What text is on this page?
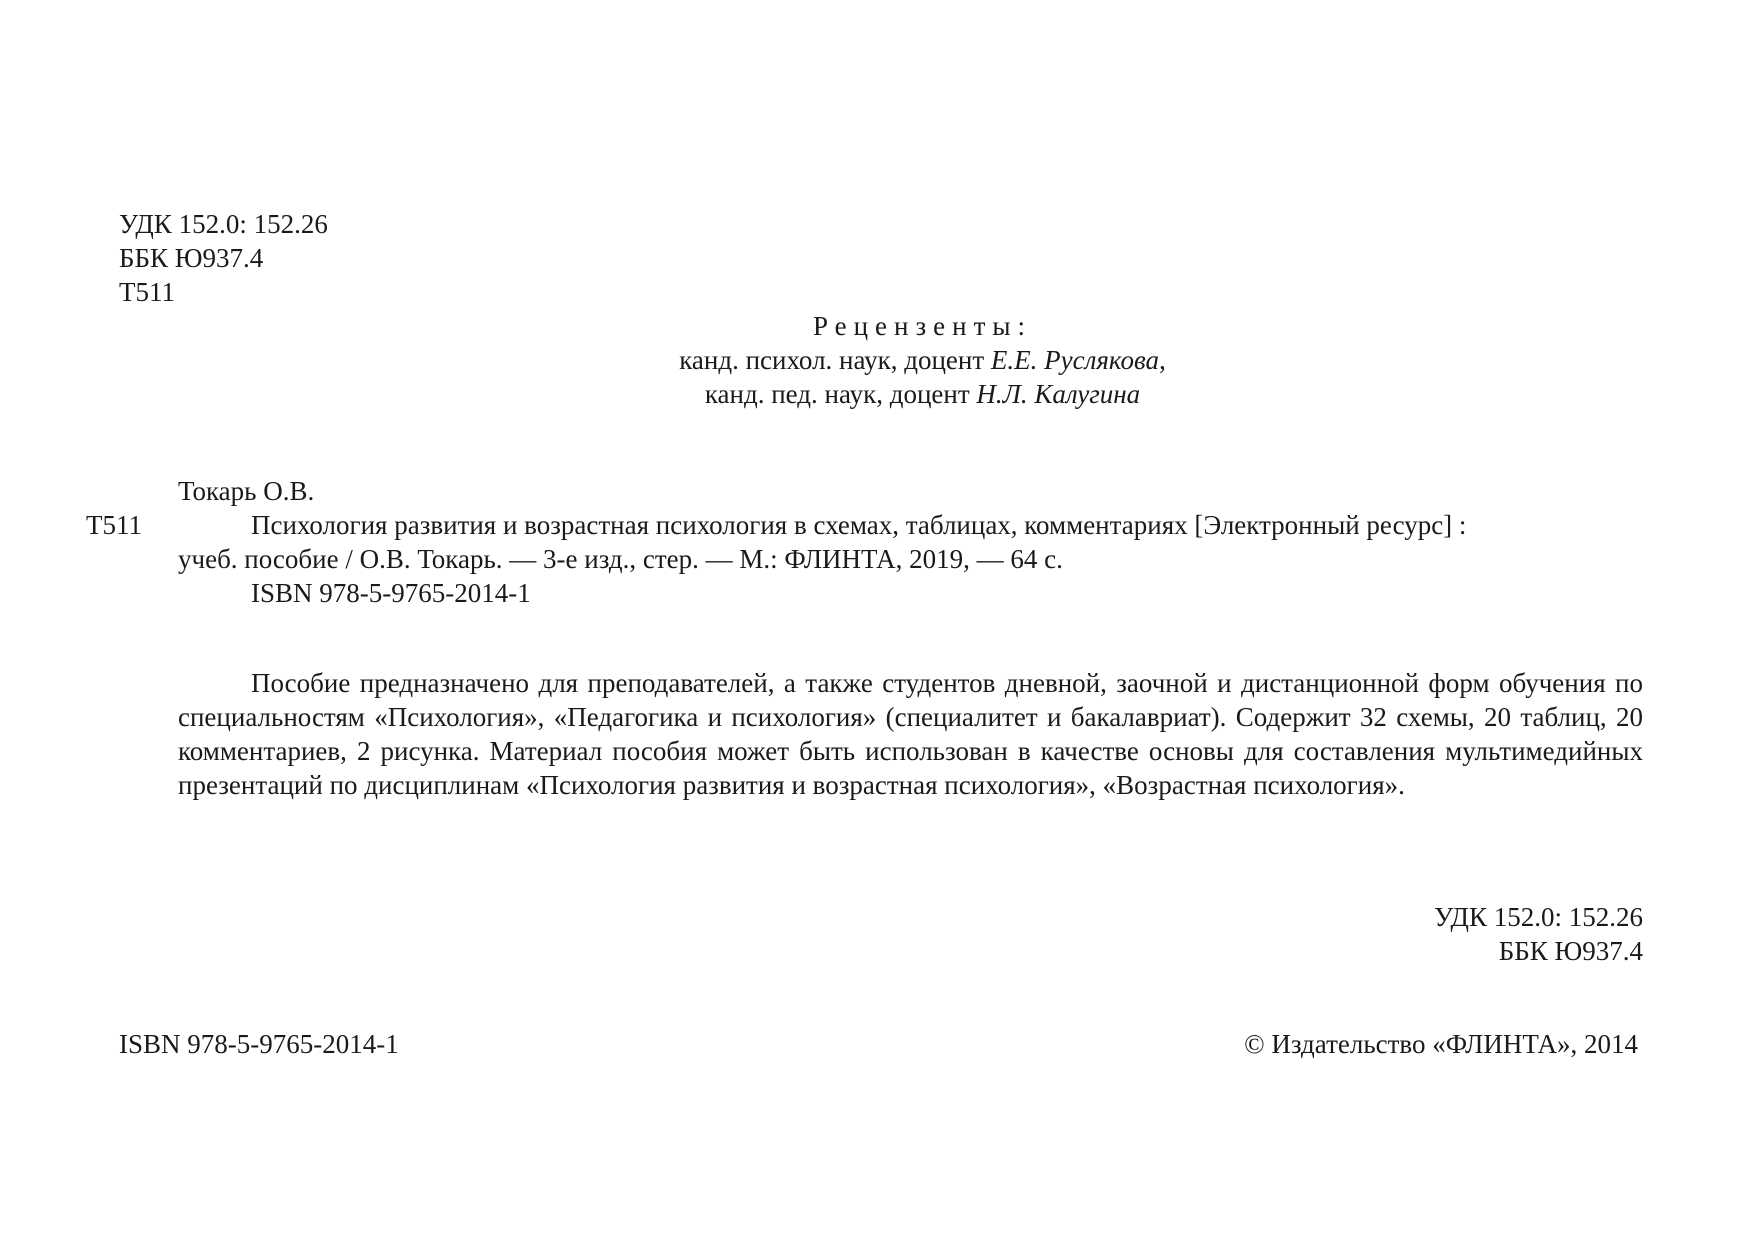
УДК 152.0: 152.26
ББК Ю937.4
Т511
Рецензенты:
канд. психол. наук, доцент Е.Е. Руслякова,
канд. пед. наук, доцент Н.Л. Калугина
Токарь О.В.
Т511	Психология развития и возрастная психология в схемах, таблицах, комментариях [Электронный ресурс] :
учеб. пособие / О.В. Токарь. — 3-е изд., стер. — М.: ФЛИНТА, 2019, — 64 с.
ISBN 978-5-9765-2014-1

Пособие предназначено для преподавателей, а также студентов дневной, заочной и дистанционной форм обучения по специальностям «Психология», «Педагогика и психология» (специалитет и бакалавриат). Содержит 32 схемы, 20 таблиц, 20 комментариев, 2 рисунка. Материал пособия может быть использован в качестве основы для составления мультимедийных презентаций по дисциплинам «Психология развития и возрастная психология», «Возрастная психология».

УДК 152.0: 152.26
ББК Ю937.4
ISBN 978-5-9765-2014-1	© Издательство «ФЛИНТА», 2014
